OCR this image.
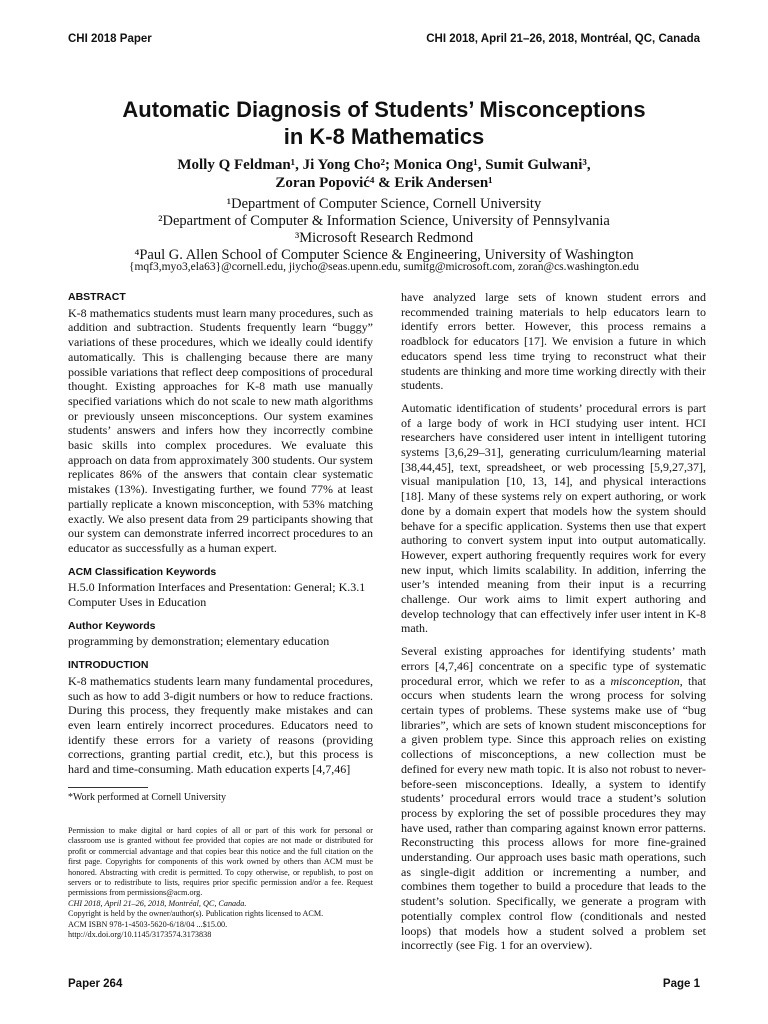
CHI 2018 Paper	CHI 2018, April 21–26, 2018, Montréal, QC, Canada
Automatic Diagnosis of Students’ Misconceptions
in K-8 Mathematics
Molly Q Feldman¹, Ji Yong Cho²; Monica Ong¹, Sumit Gulwani³,
Zoran Popović⁴ & Erik Andersen¹
¹Department of Computer Science, Cornell University
²Department of Computer & Information Science, University of Pennsylvania
³Microsoft Research Redmond
⁴Paul G. Allen School of Computer Science & Engineering, University of Washington
{mqf3,myo3,ela63}@cornell.edu, jiycho@seas.upenn.edu, sumitg@microsoft.com, zoran@cs.washington.edu
ABSTRACT

K-8 mathematics students must learn many procedures, such as addition and subtraction. Students frequently learn “buggy” variations of these procedures, which we ideally could identify automatically. This is challenging because there are many possible variations that reflect deep compositions of procedural thought. Existing approaches for K-8 math use manually specified variations which do not scale to new math algorithms or previously unseen misconceptions. Our system examines students’ answers and infers how they incorrectly combine basic skills into complex procedures. We evaluate this approach on data from approximately 300 students. Our system replicates 86% of the answers that contain clear systematic mistakes (13%). Investigating further, we found 77% at least partially replicate a known misconception, with 53% matching exactly. We also present data from 29 participants showing that our system can demonstrate inferred incorrect procedures to an educator as successfully as a human expert.

ACM Classification Keywords

H.5.0 Information Interfaces and Presentation: General; K.3.1 Computer Uses in Education

Author Keywords

programming by demonstration; elementary education

INTRODUCTION

K-8 mathematics students learn many fundamental procedures, such as how to add 3-digit numbers or how to reduce fractions. During this process, they frequently make mistakes and can even learn entirely incorrect procedures. Educators need to identify these errors for a variety of reasons (providing corrections, granting partial credit, etc.), but this process is hard and time-consuming. Math education experts [4,7,46]

*Work performed at Cornell University
Permission to make digital or hard copies of all or part of this work for personal or classroom use is granted without fee provided that copies are not made or distributed for profit or commercial advantage and that copies bear this notice and the full citation on the first page. Copyrights for components of this work owned by others than ACM must be honored. Abstracting with credit is permitted. To copy otherwise, or republish, to post on servers or to redistribute to lists, requires prior specific permission and/or a fee. Request permissions from permissions@acm.org.
CHI 2018, April 21–26, 2018, Montréal, QC, Canada.
Copyright is held by the owner/author(s). Publication rights licensed to ACM.
ACM ISBN 978-1-4503-5620-6/18/04 ...$15.00.
http://dx.doi.org/10.1145/3173574.3173838

have analyzed large sets of known student errors and recommended training materials to help educators learn to identify errors better. However, this process remains a roadblock for educators [17]. We envision a future in which educators spend less time trying to reconstruct what their students are thinking and more time working directly with their students.

Automatic identification of students’ procedural errors is part of a large body of work in HCI studying user intent. HCI researchers have considered user intent in intelligent tutoring systems [3,6,29–31], generating curriculum/learning material [38,44,45], text, spreadsheet, or web processing [5,9,27,37], visual manipulation [10, 13, 14], and physical interactions [18]. Many of these systems rely on expert authoring, or work done by a domain expert that models how the system should behave for a specific application. Systems then use that expert authoring to convert system input into output automatically. However, expert authoring frequently requires work for every new input, which limits scalability. In addition, inferring the user’s intended meaning from their input is a recurring challenge. Our work aims to limit expert authoring and develop technology that can effectively infer user intent in K-8 math.

Several existing approaches for identifying students’ math errors [4,7,46] concentrate on a specific type of systematic procedural error, which we refer to as a misconception, that occurs when students learn the wrong process for solving certain types of problems. These systems make use of “bug libraries”, which are sets of known student misconceptions for a given problem type. Since this approach relies on existing collections of misconceptions, a new collection must be defined for every new math topic. It is also not robust to never-before-seen misconceptions. Ideally, a system to identify students’ procedural errors would trace a student’s solution process by exploring the set of possible procedures they may have used, rather than comparing against known error patterns. Reconstructing this process allows for more fine-grained understanding. Our approach uses basic math operations, such as single-digit addition or incrementing a number, and combines them together to build a procedure that leads to the student’s solution. Specifically, we generate a program with potentially complex control flow (conditionals and nested loops) that models how a student solved a problem set incorrectly (see Fig. 1 for an overview).

Paper 264	Page 1
